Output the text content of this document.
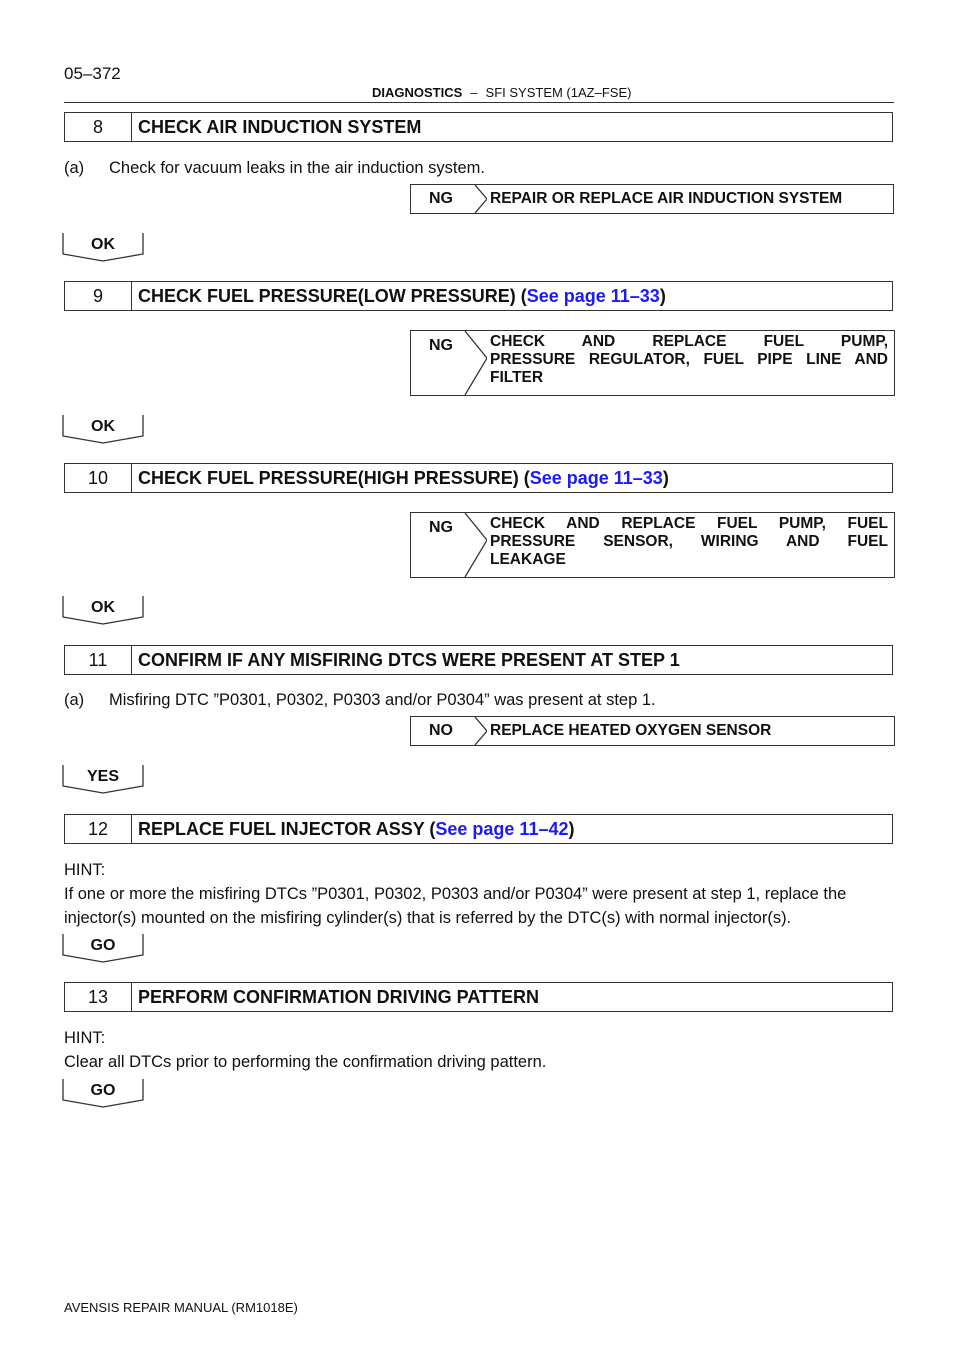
05–372
DIAGNOSTICS – SFI SYSTEM (1AZ–FSE)
8	CHECK AIR INDUCTION SYSTEM
(a) Check for vacuum leaks in the air induction system.
NG REPAIR OR REPLACE AIR INDUCTION SYSTEM
OK
9	CHECK FUEL PRESSURE(LOW PRESSURE) (See page 11–33)
NG CHECK AND REPLACE FUEL PUMP,
PRESSURE REGULATOR, FUEL PIPE LINE AND
FILTER
OK
10	CHECK FUEL PRESSURE(HIGH PRESSURE) (See page 11–33)
NG CHECK AND REPLACE FUEL PUMP, FUEL
PRESSURE SENSOR, WIRING AND FUEL
LEAKAGE
OK
11	CONFIRM IF ANY MISFIRING DTCS WERE PRESENT AT STEP 1
(a) Misfiring DTC ”P0301, P0302, P0303 and/or P0304” was present at step 1.
NO REPLACE HEATED OXYGEN SENSOR
YES
12	REPLACE FUEL INJECTOR ASSY (See page 11–42)
HINT:
If one or more the misfiring DTCs ”P0301, P0302, P0303 and/or P0304” were present at step 1, replace the
injector(s) mounted on the misfiring cylinder(s) that is referred by the DTC(s) with normal injector(s).
GO
13	PERFORM CONFIRMATION DRIVING PATTERN
HINT:
Clear all DTCs prior to performing the confirmation driving pattern.
GO
AVENSIS REPAIR MANUAL (RM1018E)
